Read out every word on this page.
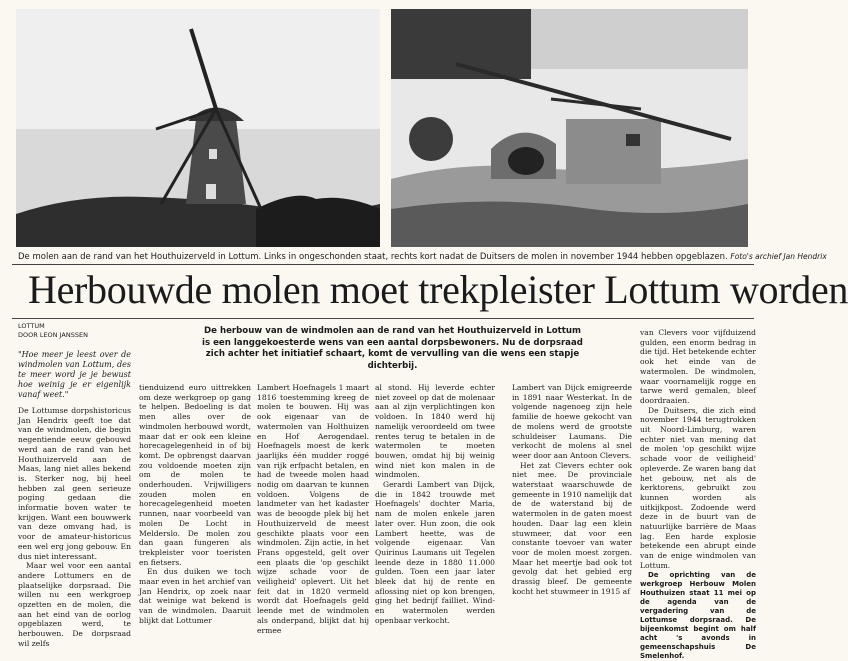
De molen aan de rand van het Houthuizerveld in Lottum. Links in ongeschonden staat, rechts kort nadat de Duitsers de molen in november 1944 hebben opgeblazen. Foto's archief Jan Hendrix
Herbouwde molen moet trekpleister Lottum worden
LOTTUM
DOOR LEON JANSSEN	De herbouw van de windmolen aan de rand van het Houthuizerveld in Lottum is een langgekoesterde wens van een aantal dorpsbewoners. Nu de dorpsraad zich achter het initiatief schaart, komt de vervulling van die wens een stapje dichterbij.

"Hoe meer je leest over de windmolen van Lottum, des te meer word je je bewust hoe weinig je er eigenlijk vanaf weet."

De Lottumse dorpshistoricus Jan Hendrix geeft toe dat van de windmolen, die begin negentiende eeuw gebouwd werd aan de rand van het Houthuizerveld aan de Maas, lang niet alles bekend is. Sterker nog, bij heel hebben zal geen serieuze poging gedaan die informatie boven water te krijgen. Want een bouwwerk van deze omvang had, is voor de amateur-historicus een wel erg jong gebouw. En dus niet interessant.

Maar wel voor een aantal andere Lottumers en de plaatselijke dorpsraad. Die willen nu een werkgroep opzetten en de molen, die aan het eind van de oorlog opgeblazen werd, te herbouwen. De dorpsraad wil zelfs

tienduizend euro uittrekken om deze werkgroep op gang te helpen. Bedoeling is dat men alles over de windmolen herbouwd wordt, maar dat er ook een kleine horecagelegenheid in of bij komt. De opbrengst daarvan zou voldoende moeten zijn om de molen te onderhouden. Vrijwilligers zouden molen en horecagelegenheid moeten runnen, naar voorbeeld van molen De Locht in Melderslo. De molen zou dan gaan fungeren als trekpleister voor toeristen en fietsers.

En dus duiken we toch maar even in het archief van Jan Hendrix, op zoek naar dat weinige wat bekend is van de windmolen. Daaruit blijkt dat Lottumer

Lambert Hoefnagels 1 maart 1816 toestemming kreeg de molen te bouwen. Hij was ook eigenaar van de watermolen van Holthuizen en Hof Aerogendael. Hoefnagels moest de kerk jaarlijks één mudder roggé van rijk erfpacht betalen, en had de tweede molen haad nodig om daarvan te kunnen voldoen. Volgens de landmeter van het kadaster was de beoogde plek bij het Houthuizerveld de meest geschikte plaats voor een windmolen. Zijn actie, in het Frans opgesteld, gelt over een plaats die 'op geschikt wijze schade voor de veiligheid' oplevert. Uit het feit dat in 1820 vermeld wordt dat Hoefnagels geld leende met de windmolen als onderpand, blijkt dat hij ermee

al stond. Hij leverde echter niet zoveel op dat de molenaar aan al zijn verplichtingen kon voldoen. In 1840 werd hij namelijk veroordeeld om twee rentes terug te betalen in de watermolen te moeten bouwen, omdat hij bij weinig wind niet kon malen in de windmolen.

Gerardi Lambert van Dijck, die in 1842 trouwde met Hoefnagels' dochter Maria, nam de molen enkele jaren later over. Hun zoon, die ook Lambert heette, was de volgende eigenaar. Van Quirinus Laumans uit Tegelen leende deze in 1880 11.000 gulden. Toen een jaar later bleek dat hij de rente en aflossing niet op kon brengen, ging het bedrijf failliet. Wind- en watermolen werden openbaar verkocht.

Lambert van Dijck emigreerde in 1891 naar Westerkat. In de volgende nagenoeg zijn hele familie de hoewe gekocht van de molens werd de grootste schuldeiser Laumans. Die verkocht de molens al snel weer door aan Antoon Clevers.

Het zat Clevers echter ook niet mee. De provinciale waterstaat waarschuwde de gemeente in 1910 namelijk dat de de waterstand bij de watermolen in de gaten moest houden. Daar lag een klein stuwmeer, dat voor een constante toevoer van water voor de molen moest zorgen. Maar het meertje bad ook tot gevolg dat het gebied erg drassig bleef. De gemeente kocht het stuwmeer in 1915 af

van Clevers voor vijfduizend gulden, een enorm bedrag in die tijd. Het betekende echter ook het einde van de watermolen. De windmolen, waar voornamelijk rogge en tarwe werd gemalen, bleef doordraaien.

De Duitsers, die zich eind november 1944 terugtrokken uit Noord-Limburg, waren echter niet van mening dat de molen 'op geschikt wijze schade voor de veiligheid' opleverde. Ze waren bang dat het gebouw, net als de kerktorens, gebruikt zou kunnen worden als uitkijkpost. Zodoende werd deze in de buurt van de natuurlijke barrière de Maas lag. Een harde explosie betekende een abrupt einde van de enige windmolen van Lottum.

De oprichting van de werkgroep Herbouw Molen Houthuizen staat 11 mei op de agenda van de vergadering van de Lottumse dorpsraad. De bijeenkomst begint om half acht 's avonds in gemeenschapshuis De Smelenhof.
